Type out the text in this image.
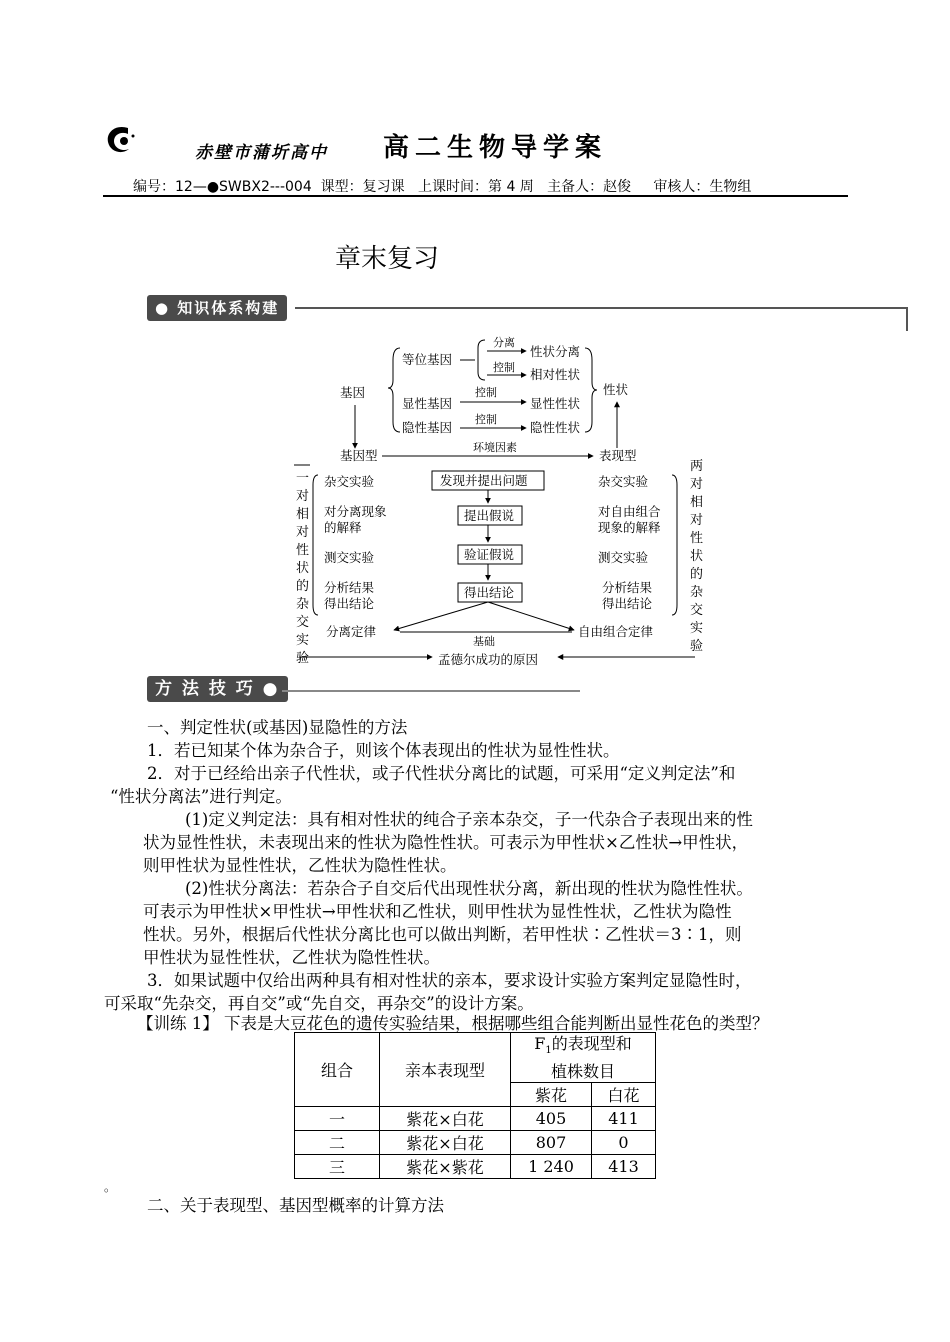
赤壁市蒲圻高中 高二生物导学案
编号：12—●SWBX2---004  课型：复习课   上课时间：第 4 周   主备人：赵俊     审核人：生物组
章末复习
● 知识体系构建
基因
等位基因
分离
性状分离
控制 相对性状
显性基因
控制
显性性状
隐性基因
控制
隐性性状
性状
基因型
环境因素
表现型
一
对
相
对
性
状
的
杂
交
实
验
杂交实验
对分离现象
的解释
测交实验
分析结果
得出结论
发现并提出问题
提出假说
验证假说
得出结论
杂交实验
对自由组合
现象的解释
测交实验
分析结果
得出结论
两
对
相
对
性
状
的
杂
交
实
验
分离定律	自由组合定律
基础
孟德尔成功的原因
方 法 技 巧 ●
一、判定性状(或基因)显隐性的方法
1．若已知某个体为杂合子，则该个体表现出的性状为显性性状。
2．对于已经给出亲子代性状，或子代性状分离比的试题，可采用“定义判定法”和
“性状分离法”进行判定。
(1)定义判定法：具有相对性状的纯合子亲本杂交，子一代杂合子表现出来的性
状为显性性状，未表现出来的性状为隐性性状。可表示为甲性状×乙性状→甲性状，
则甲性状为显性性状，乙性状为隐性性状。
(2)性状分离法：若杂合子自交后代出现性状分离，新出现的性状为隐性性状。
可表示为甲性状×甲性状→甲性状和乙性状，则甲性状为显性性状，乙性状为隐性
性状。另外，根据后代性状分离比也可以做出判断，若甲性状∶乙性状＝3∶1，则
甲性状为显性性状，乙性状为隐性性状。
3．如果试题中仅给出两种具有相对性状的亲本，要求设计实验方案判定显隐性时，
可采取“先杂交，再自交”或“先自交，再杂交”的设计方案。
【训练 1】 下表是大豆花色的遗传实验结果，根据哪些组合能判断出显性花色的类型？
组合	亲本表现型	$F_1$的表现型和
植株数目	
		紫花	白花
一	紫花×白花	405	411
二	紫花×白花	807	0
三	紫花×紫花	1 240	413
。
二、关于表现型、基因型概率的计算方法
